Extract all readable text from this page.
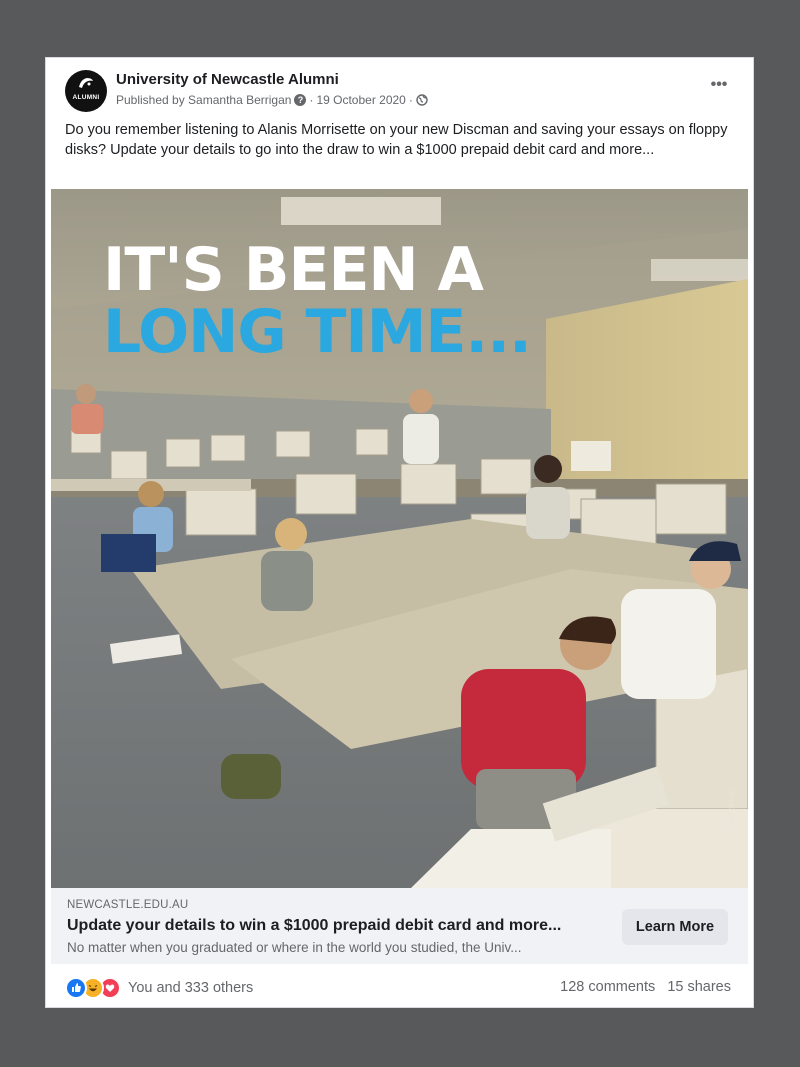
ALUMNI
University of Newcastle Alumni
Published by Samantha Berrigan ? · 19 October 2020 ·
•••
Do you remember listening to Alanis Morrisette on your new Discman and saving your essays on floppy disks? Update your details to go into the draw to win a $1000 prepaid debit card and more...
IT'S BEEN A
LONG TIME...
CRCDS Photo 003287
NEWCASTLE.EDU.AU
Update your details to win a $1000 prepaid debit card and more...
No matter when you graduated or where in the world you studied, the Univ...
Learn More
You and 333 others	128 comments 15 shares
